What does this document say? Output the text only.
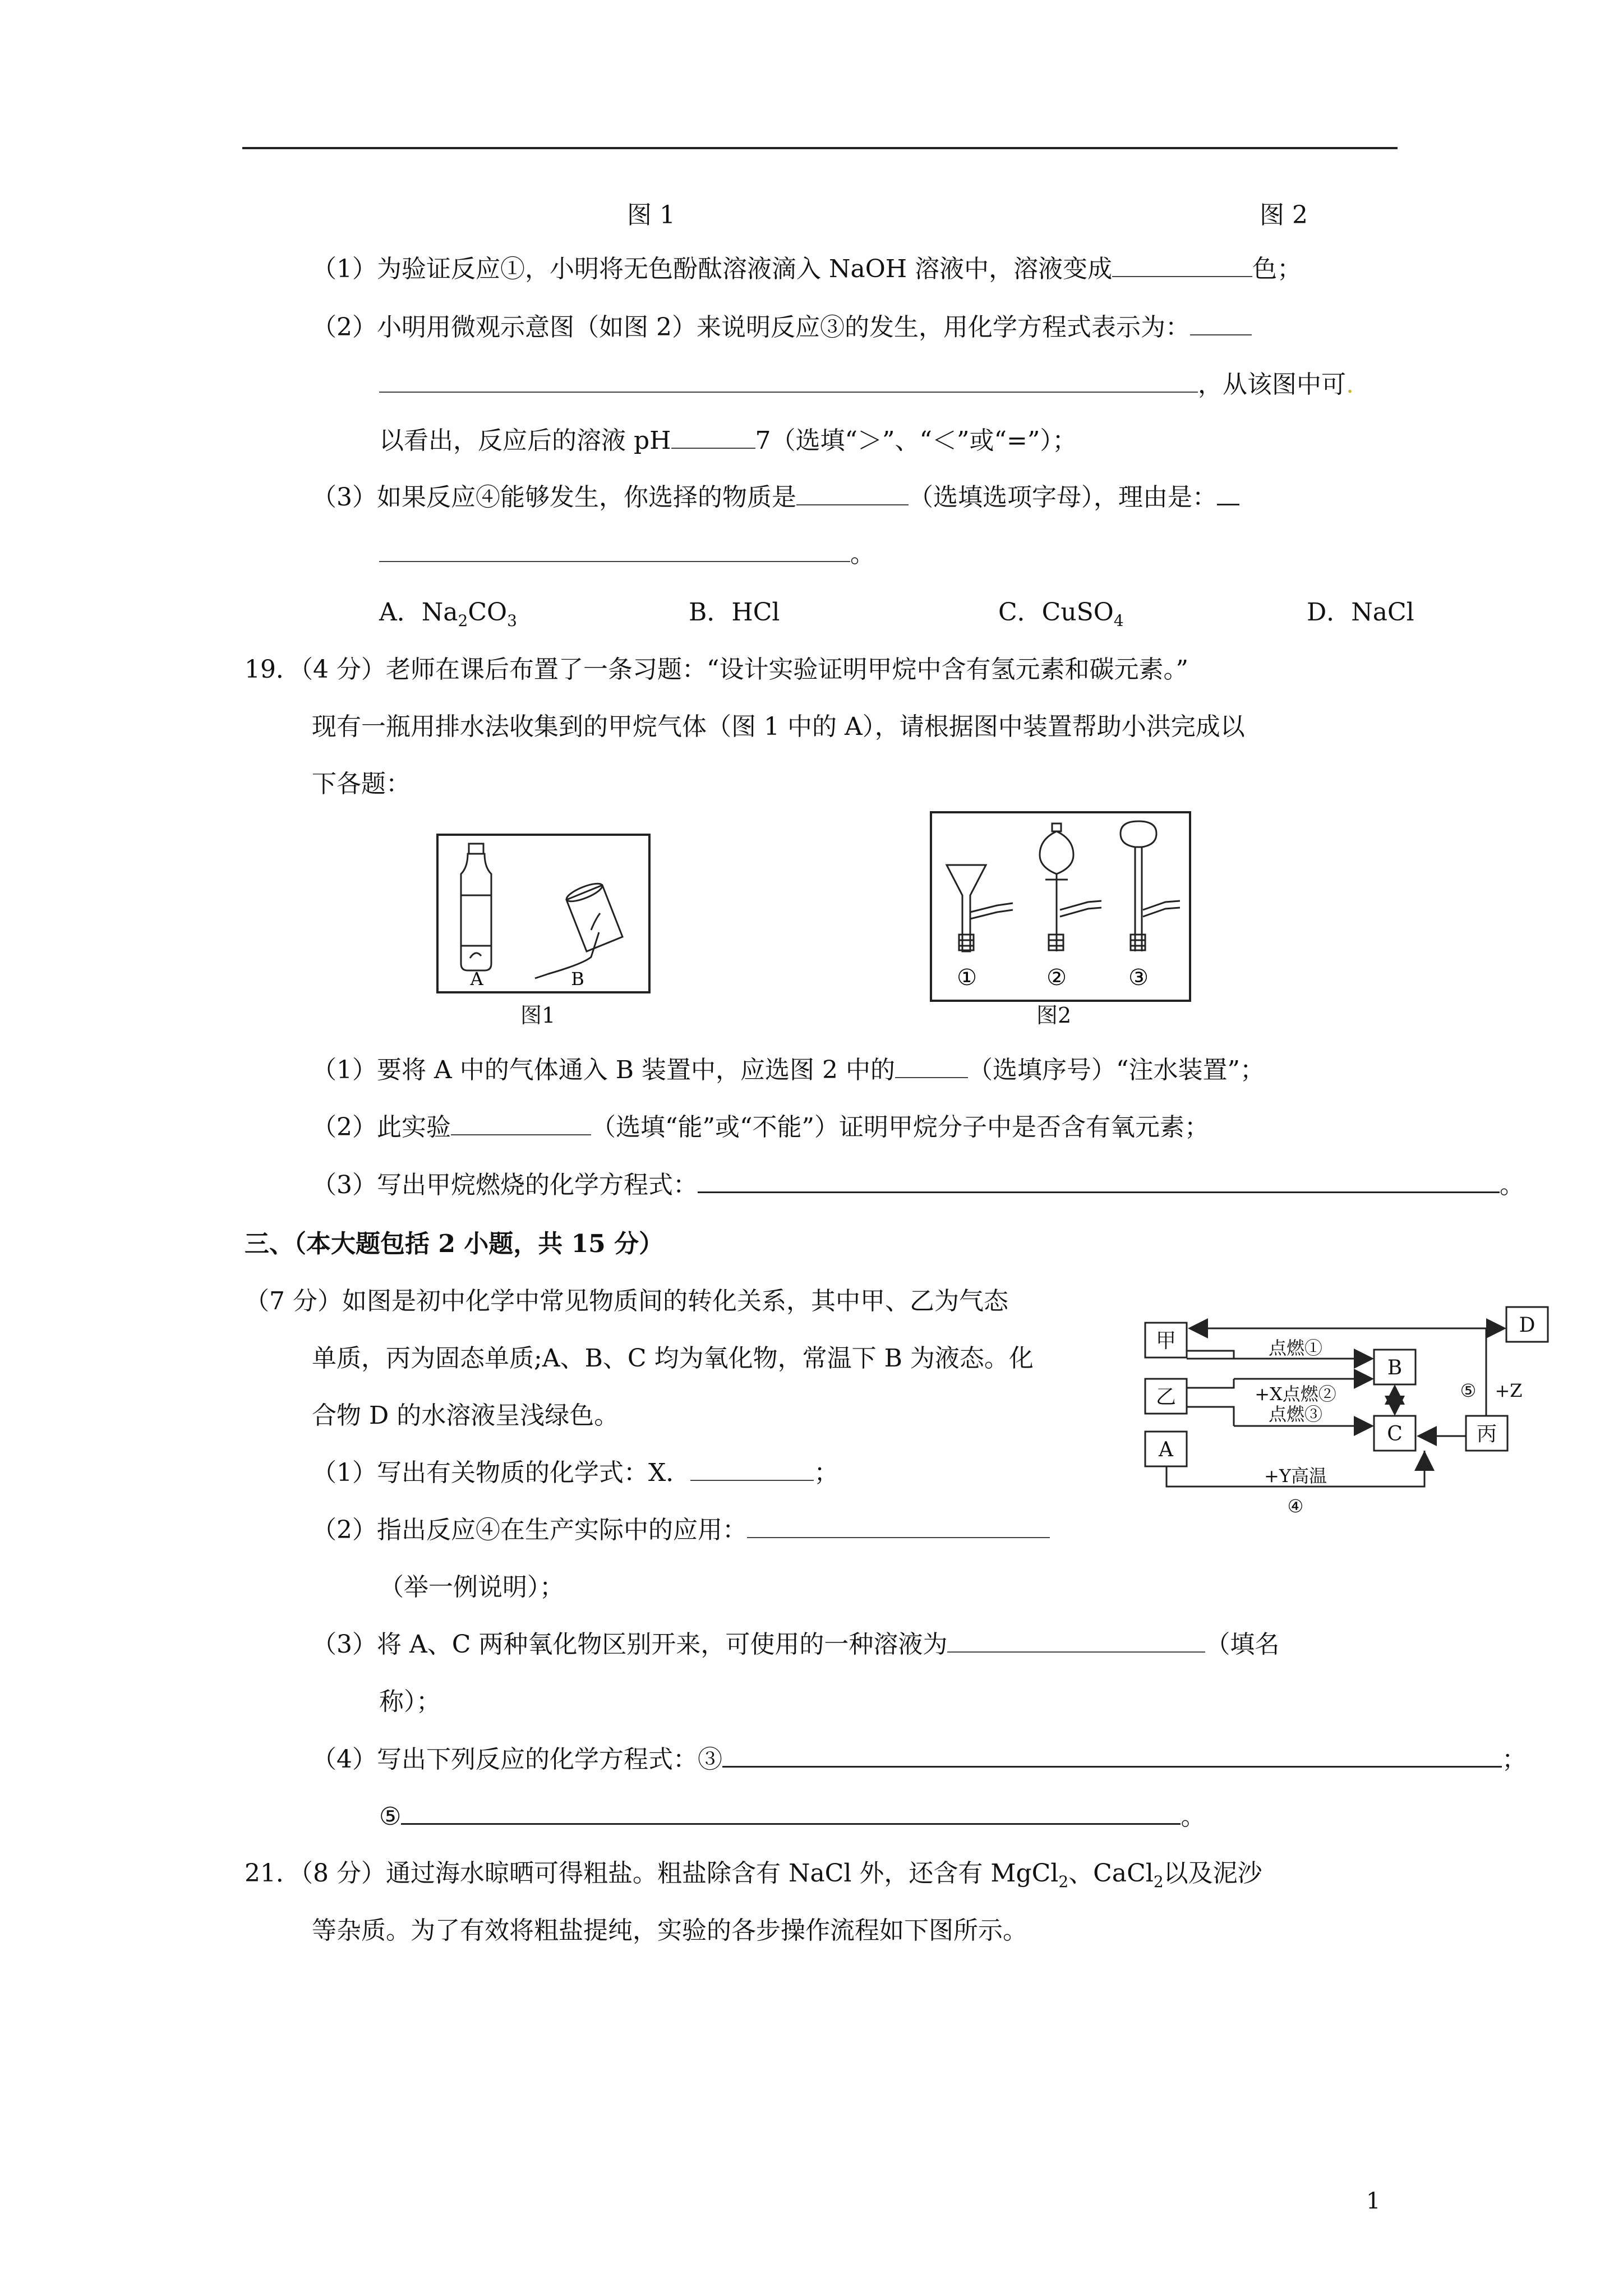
图 1	图 2
（1）为验证反应①，小明将无色酚酞溶液滴入 NaOH 溶液中，溶液变成	色；
（2）小明用微观示意图（如图 2）来说明反应③的发生，用化学方程式表示为：
，从该图中可.
以看出，反应后的溶液 pH	7（选填“＞”、“＜”或“=”）；
（3）如果反应④能够发生，你选择的物质是	（选填选项字母），理由是：
。
A．$Na_2CO_3$	B．HCl	C．CuSO$_4$	D．NaCl
19．（4 分）老师在课后布置了一条习题：“设计实验证明甲烷中含有氢元素和碳元素。”
现有一瓶用排水法收集到的甲烷气体（图 1 中的 A），请根据图中装置帮助小洪完成以
下各题：
A	B
图1
①	②	③
图2
（1）要将 A 中的气体通入 B 装置中，应选图 2 中的	（选填序号）“注水装置”；
（2）此实验	（选填“能”或“不能”）证明甲烷分子中是否含有氧元素；
（3）写出甲烷燃烧的化学方程式：	。
三、（本大题包括 2 小题，共 15 分）
（7 分）如图是初中化学中常见物质间的转化关系，其中甲、乙为气态
单质，丙为固态单质;A、B、C 均为氧化物，常温下 B 为液态。化
合物 D 的水溶液呈浅绿色。
（1）写出有关物质的化学式：X．	；
（2）指出反应④在生产实际中的应用：
（举一例说明）；
（3）将 A、C 两种氧化物区别开来，可使用的一种溶液为	（填名
称）；
（4）写出下列反应的化学方程式：③	；
⑤	。
甲
乙
A
B
C	丙
D
点燃①
+X点燃②
点燃③
+Y高温
④
⑤ +Z
21．（8 分）通过海水晾晒可得粗盐。粗盐除含有 NaCl 外，还含有 MgCl$_2$、CaCl$_2$以及泥沙
等杂质。为了有效将粗盐提纯，实验的各步操作流程如下图所示。
1
